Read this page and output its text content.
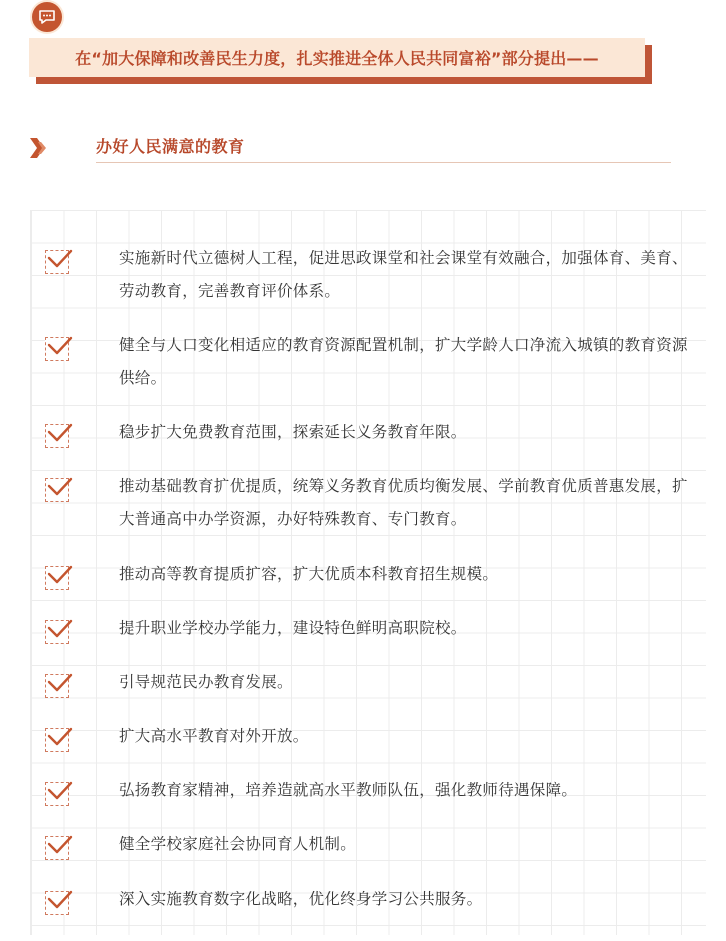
在“加大保障和改善民生力度，扎实推进全体人民共同富裕”部分提出——
办好人民满意的教育
实施新时代立德树人工程，促进思政课堂和社会课堂有效融合，加强体育、美育、劳动教育，完善教育评价体系。
健全与人口变化相适应的教育资源配置机制，扩大学龄人口净流入城镇的教育资源供给。
稳步扩大免费教育范围，探索延长义务教育年限。
推动基础教育扩优提质，统筹义务教育优质均衡发展、学前教育优质普惠发展，扩大普通高中办学资源，办好特殊教育、专门教育。
推动高等教育提质扩容，扩大优质本科教育招生规模。
提升职业学校办学能力，建设特色鲜明高职院校。
引导规范民办教育发展。
扩大高水平教育对外开放。
弘扬教育家精神，培养造就高水平教师队伍，强化教师待遇保障。
健全学校家庭社会协同育人机制。
深入实施教育数字化战略，优化终身学习公共服务。
